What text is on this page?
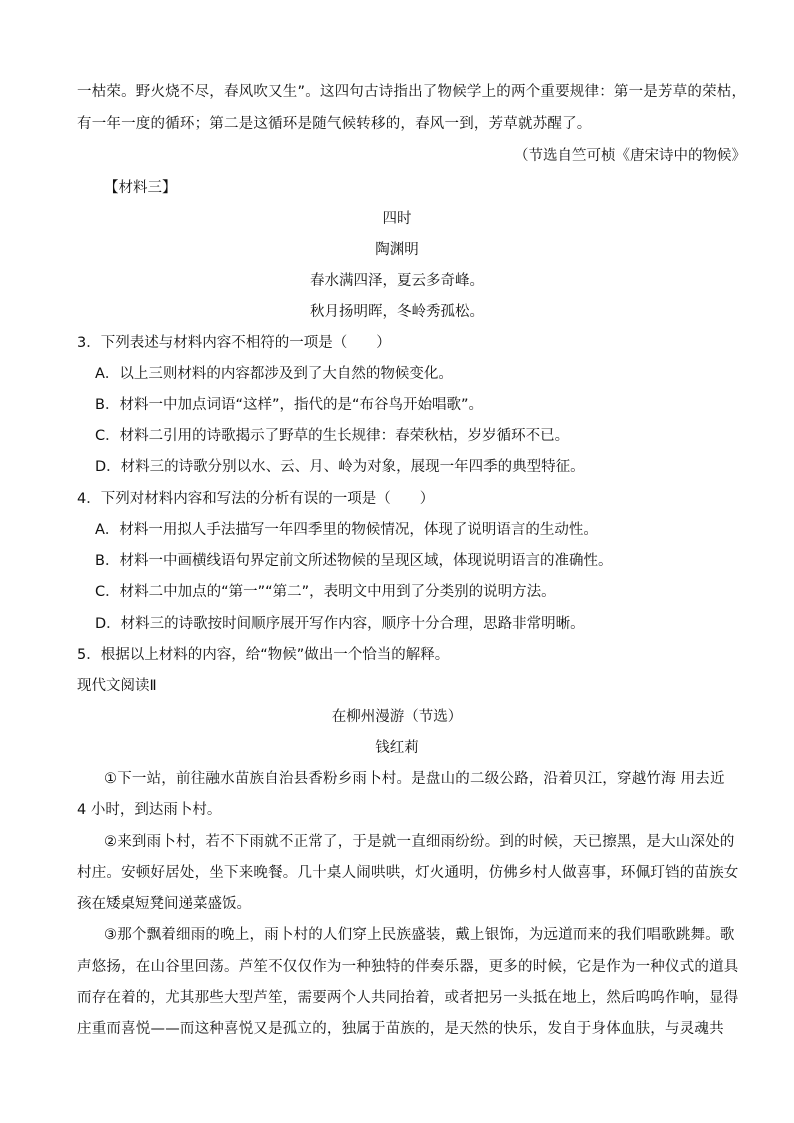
一枯荣。野火烧不尽，春风吹又生”。这四句古诗指出了物候学上的两个重要规律：第一是芳草的荣枯，
有一年一度的循环；第二是这循环是随气候转移的，春风一到，芳草就苏醒了。
（节选自竺可桢《唐宋诗中的物候》
【材料三】
四时
陶渊明
春水满四泽，夏云多奇峰。
秋月扬明晖，冬岭秀孤松。
3．下列表述与材料内容不相符的一项是（　　）
A．以上三则材料的内容都涉及到了大自然的物候变化。
B．材料一中加点词语“这样”，指代的是“布谷鸟开始唱歌”。
C．材料二引用的诗歌揭示了野草的生长规律：春荣秋枯，岁岁循环不已。
D．材料三的诗歌分别以水、云、月、岭为对象，展现一年四季的典型特征。
4．下列对材料内容和写法的分析有误的一项是（　　）
A．材料一用拟人手法描写一年四季里的物候情况，体现了说明语言的生动性。
B．材料一中画横线语句界定前文所述物候的呈现区域，体现说明语言的准确性。
C．材料二中加点的“第一”“第二”，表明文中用到了分类别的说明方法。
D．材料三的诗歌按时间顺序展开写作内容，顺序十分合理，思路非常明晰。
5．根据以上材料的内容，给“物候”做出一个恰当的解释。
现代文阅读Ⅱ
在柳州漫游（节选）
钱红莉
①下一站，前往融水苗族自治县香粉乡雨卜村。是盘山的二级公路，沿着贝江，穿越竹海 用去近
4 小时，到达雨卜村。
②来到雨卜村，若不下雨就不正常了，于是就一直细雨纷纷。到的时候，天已擦黑，是大山深处的
村庄。安顿好居处，坐下来晚餐。几十桌人闹哄哄，灯火通明，仿佛乡村人做喜事，环佩玎铛的苗族女
孩在矮桌短凳间递菜盛饭。
③那个飘着细雨的晚上，雨卜村的人们穿上民族盛装，戴上银饰，为远道而来的我们唱歌跳舞。歌
声悠扬，在山谷里回荡。芦笙不仅仅作为一种独特的伴奏乐器，更多的时候，它是作为一种仪式的道具
而存在着的，尤其那些大型芦笙，需要两个人共同抬着，或者把另一头抵在地上，然后呜呜作响，显得
庄重而喜悦——而这种喜悦又是孤立的，独属于苗族的，是天然的快乐，发自于身体血肤，与灵魂共
